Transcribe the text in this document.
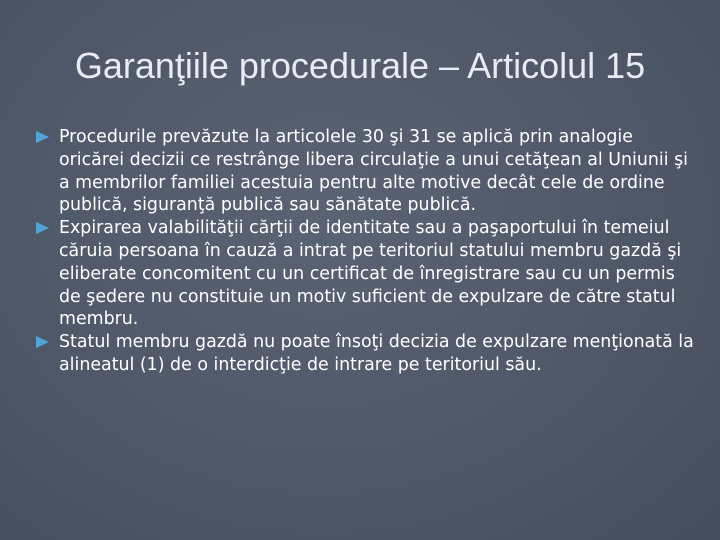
Garanţiile procedurale – Articolul 15
Procedurile prevăzute la articolele 30 şi 31 se aplică prin analogie oricărei decizii ce restrânge libera circulaţie a unui cetăţean al Uniunii şi a membrilor familiei acestuia pentru alte motive decât cele de ordine publică, siguranţă publică sau sănătate publică.
Expirarea valabilităţii cărţii de identitate sau a paşaportului în temeiul căruia persoana în cauză a intrat pe teritoriul statului membru gazdă şi eliberate concomitent cu un certificat de înregistrare sau cu un permis de şedere nu constituie un motiv suficient de expulzare de către statul membru.
Statul membru gazdă nu poate însoţi decizia de expulzare menţionată la alineatul (1) de o interdicţie de intrare pe teritoriul său.
